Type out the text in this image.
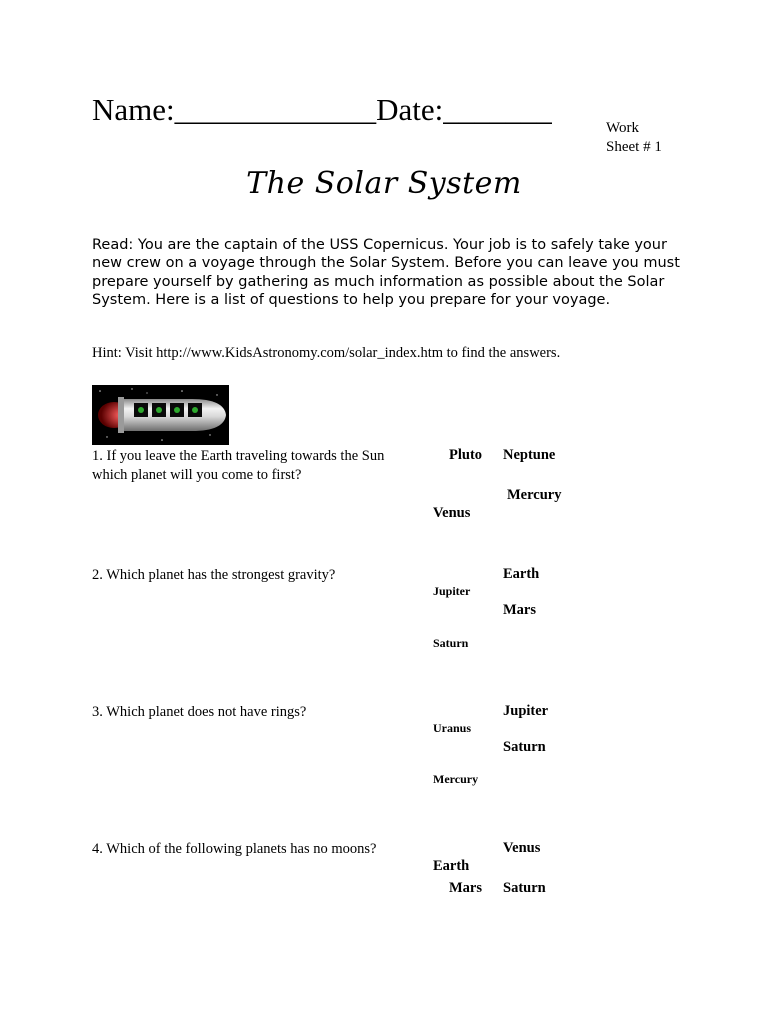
Name:_____________Date:_______
Work
Sheet # 1
The Solar System
Read: You are the captain of the USS Copernicus. Your job is to safely take your new crew on a voyage through the Solar System. Before you can leave you must prepare yourself by gathering as much information as possible about the Solar System. Here is a list of questions to help you prepare for your voyage.
Hint: Visit http://www.KidsAstronomy.com/solar_index.htm to find the answers.
1. If you leave the Earth traveling towards the Sun which planet will you come to first?
Pluto Neptune
Mercury
Venus
2. Which planet has the strongest gravity?	Earth
Jupiter
Mars
Saturn
3. Which planet does not have rings?	Jupiter
Uranus
Saturn
Mercury
4. Which of the following planets has no moons?	Venus
Earth
Mars Saturn
